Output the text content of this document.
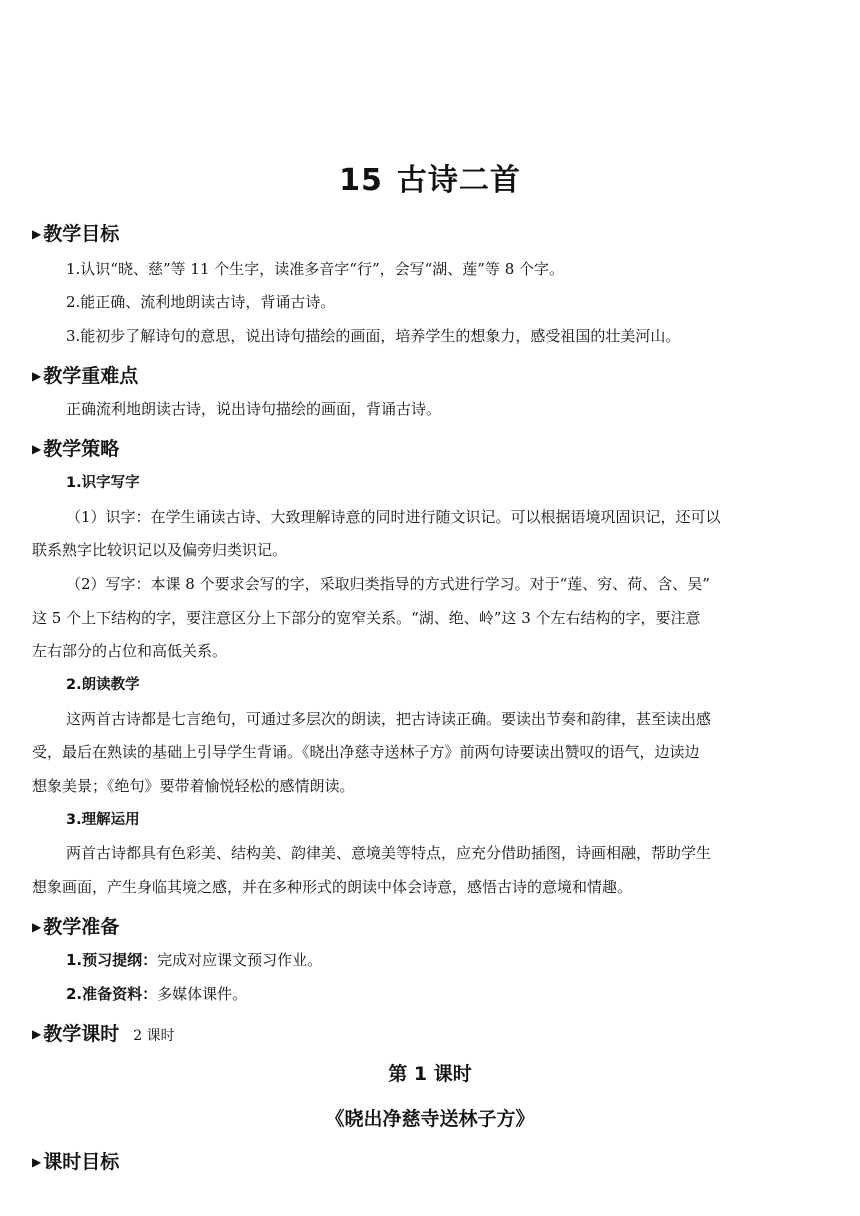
15 古诗二首
▶ 教学目标
1.认识“晓、慈”等 11 个生字，读准多音字“行”，会写“湖、莲”等 8 个字。
2.能正确、流利地朗读古诗，背诵古诗。
3.能初步了解诗句的意思，说出诗句描绘的画面，培养学生的想象力，感受祖国的壮美河山。
▶ 教学重难点
正确流利地朗读古诗，说出诗句描绘的画面，背诵古诗。
▶ 教学策略
1.识字写字
（1）识字：在学生诵读古诗、大致理解诗意的同时进行随文识记。可以根据语境巩固识记，还可以
联系熟字比较识记以及偏旁归类识记。
（2）写字：本课 8 个要求会写的字，采取归类指导的方式进行学习。对于“莲、穷、荷、含、吴”
这 5 个上下结构的字，要注意区分上下部分的宽窄关系。“湖、绝、岭”这 3 个左右结构的字，要注意
左右部分的占位和高低关系。
2.朗读教学
这两首古诗都是七言绝句，可通过多层次的朗读，把古诗读正确。要读出节奏和韵律，甚至读出感
受，最后在熟读的基础上引导学生背诵。《晓出净慈寺送林子方》前两句诗要读出赞叹的语气，边读边
想象美景；《绝句》要带着愉悦轻松的感情朗读。
3.理解运用
两首古诗都具有色彩美、结构美、韵律美、意境美等特点，应充分借助插图，诗画相融，帮助学生
想象画面，产生身临其境之感，并在多种形式的朗读中体会诗意，感悟古诗的意境和情趣。
▶ 教学准备
1.预习提纲：完成对应课文预习作业。
2.准备资料：多媒体课件。
▶ 教学课时 2 课时
第 1 课时
《晓出净慈寺送林子方》
▶ 课时目标
